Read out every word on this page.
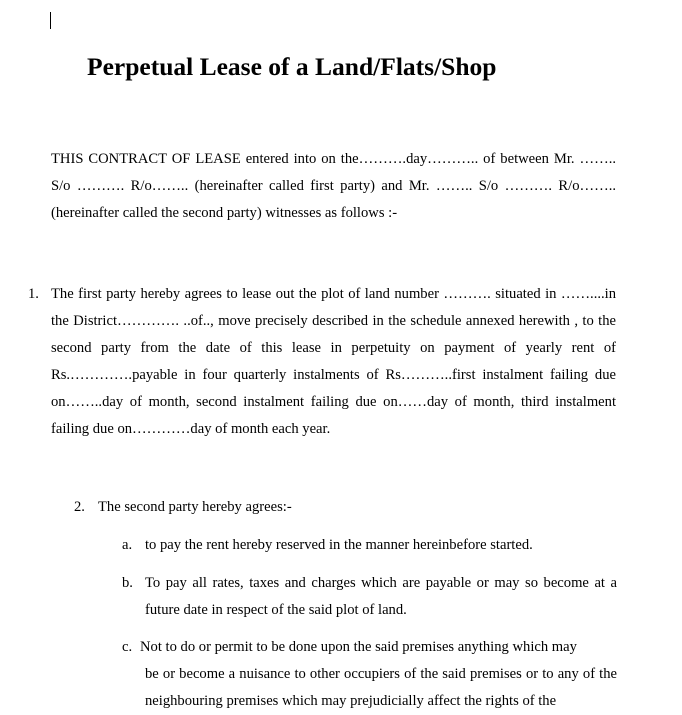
Perpetual Lease of a Land/Flats/Shop
THIS CONTRACT OF LEASE entered into on the……….day……….. of between Mr. …….. S/o ………. R/o…….. (hereinafter called first party) and Mr. …….. S/o ………. R/o…….. (hereinafter called the second party) witnesses as follows :-
1. The first party hereby agrees to lease out the plot of land number ………. situated in ……....in the District…………. ..of.., move precisely described in the schedule annexed herewith , to the second party from the date of this lease in perpetuity on payment of yearly rent of Rs.………….payable in four quarterly instalments of Rs………..first instalment failing due on……..day of month, second instalment failing due on……day of month, third instalment failing due on…………day of month each year.
2. The second party hereby agrees:-
a. to pay the rent hereby reserved in the manner hereinbefore started.
b. To pay all rates, taxes and charges which are payable or may so become at a future date in respect of the said plot of land.
c. Not to do or permit to be done upon the said premises anything which may
be or become a nuisance to other occupiers of the said premises or to any of the neighbouring premises which may prejudicially affect the rights of the
